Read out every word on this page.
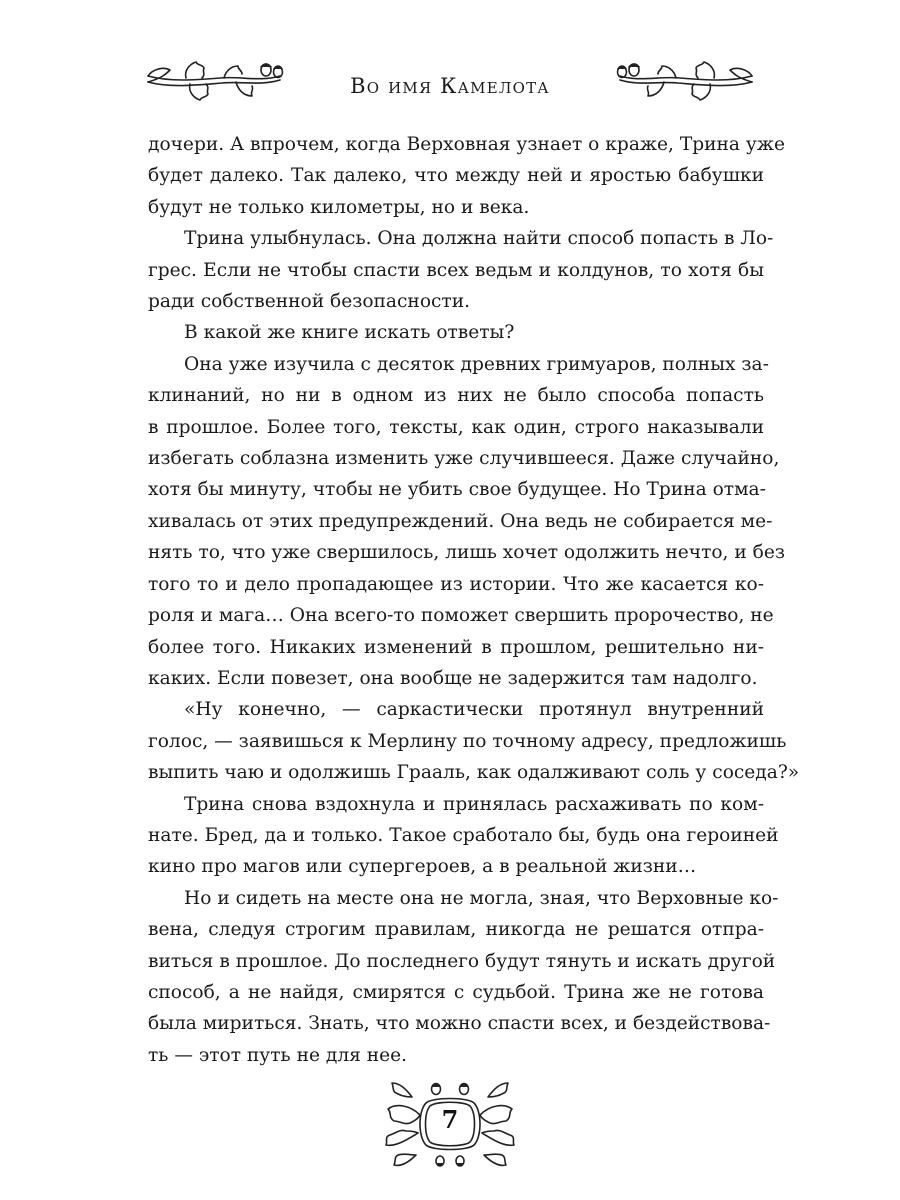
Во имя Камелота
дочери. А впрочем, когда Верховная узнает о краже, Трина уже
будет далеко. Так далеко, что между ней и яростью бабушки
будут не только километры, но и века.
Трина улыбнулась. Она должна найти способ попасть в Ло-
грес. Если не чтобы спасти всех ведьм и колдунов, то хотя бы
ради собственной безопасности.
В какой же книге искать ответы?
Она уже изучила с десяток древних гримуаров, полных за-
клинаний, но ни в одном из них не было способа попасть
в прошлое. Более того, тексты, как один, строго наказывали
избегать соблазна изменить уже случившееся. Даже случайно,
хотя бы минуту, чтобы не убить свое будущее. Но Трина отма-
хивалась от этих предупреждений. Она ведь не собирается ме-
нять то, что уже свершилось, лишь хочет одолжить нечто, и без
того то и дело пропадающее из истории. Что же касается ко-
роля и мага… Она всего-то поможет свершить пророчество, не
более того. Никаких изменений в прошлом, решительно ни-
каких. Если повезет, она вообще не задержится там надолго.
«Ну конечно, — саркастически протянул внутренний
голос, — заявишься к Мерлину по точному адресу, предложишь
выпить чаю и одолжишь Грааль, как одалживают соль у соседа?»
Трина снова вздохнула и принялась расхаживать по ком-
нате. Бред, да и только. Такое сработало бы, будь она героиней
кино про магов или супергероев, а в реальной жизни…
Но и сидеть на месте она не могла, зная, что Верховные ко-
вена, следуя строгим правилам, никогда не решатся отпра-
виться в прошлое. До последнего будут тянуть и искать другой
способ, а не найдя, смирятся с судьбой. Трина же не готова
была мириться. Знать, что можно спасти всех, и бездействова-
ть — этот путь не для нее.
7
